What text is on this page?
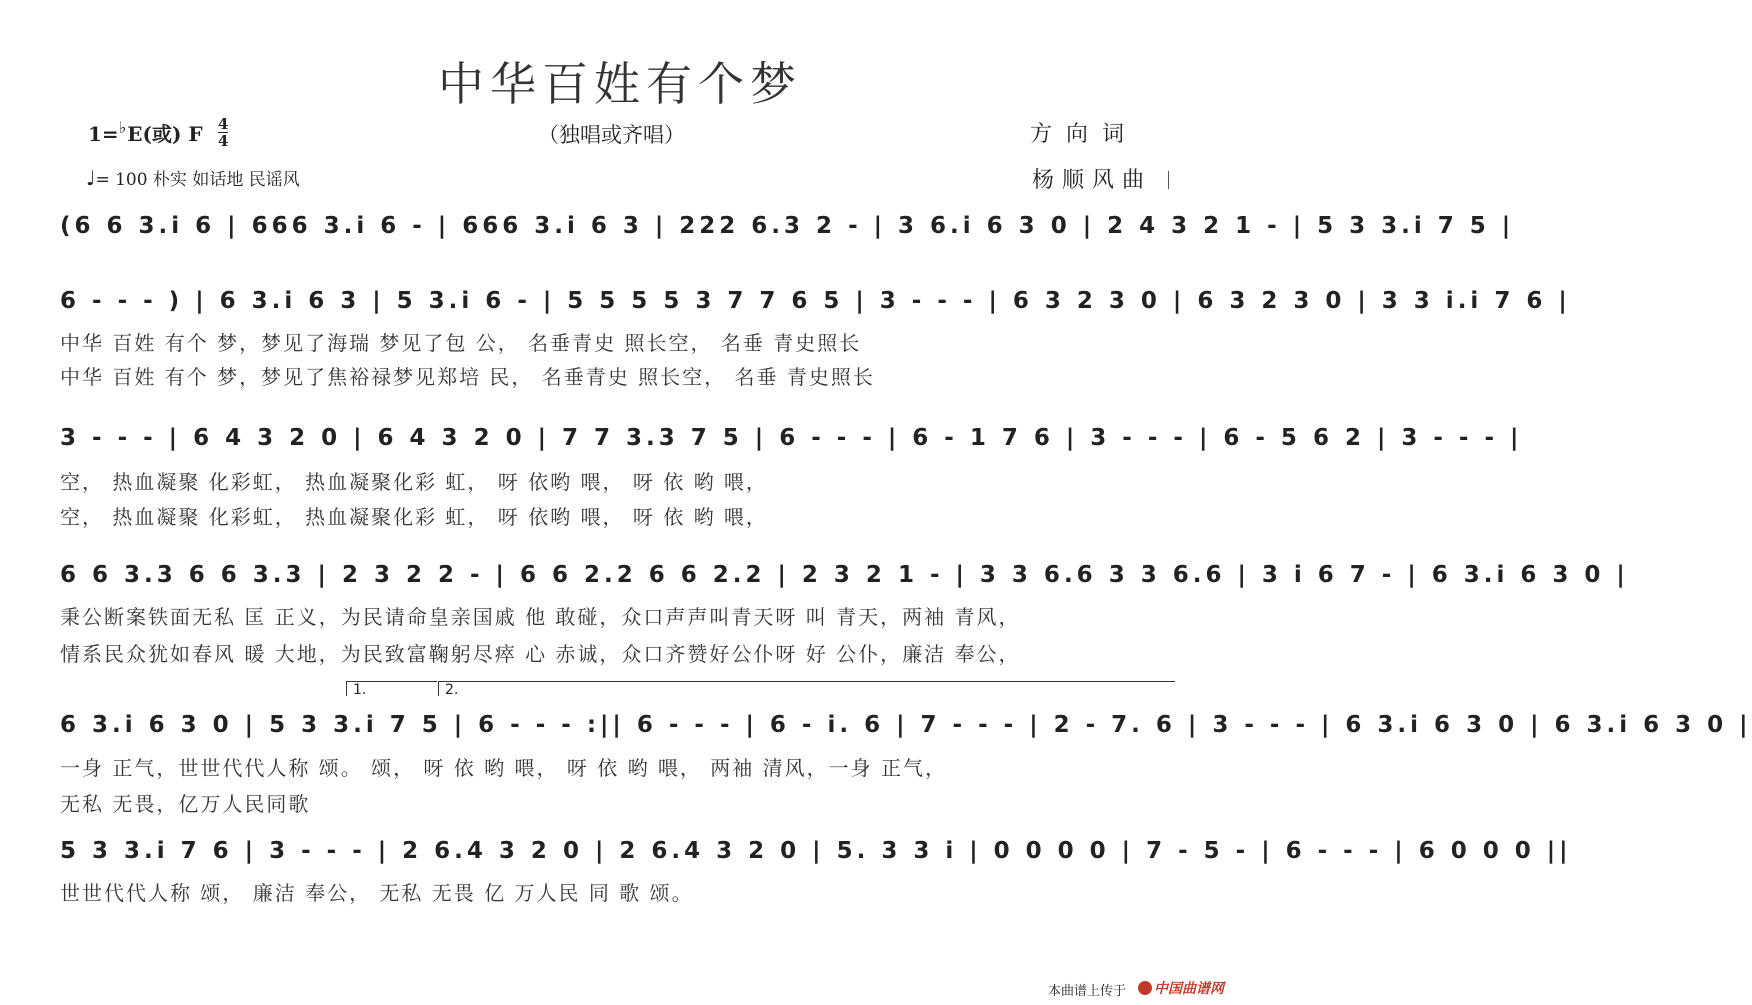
中华百姓有个梦
1=♭E(或) F 4
4	（独唱或齐唱）	方向词
♩= 100 朴实 如话地 民谣风	杨顺风曲
(6 6 3.i 6 | 666 3.i 6 - | 666 3.i 6 3 | 222 6.3 2 - | 3 6.i 6 3 0 | 2 4 3 2 1 - | 5 3 3.i 7 5 |
6 - - - ) | 6 3.i 6 3 | 5 3.i 6 - | 5 5 5 5 3 7 7 6 5 | 3 - - - | 6 3 2 3 0 | 6 3 2 3 0 | 3 3 i.i 7 6 |
中华 百姓 有个 梦，梦见了海瑞 梦见了包 公， 名垂青史 照长空， 名垂 青史照长
中华 百姓 有个 梦，梦见了焦裕禄梦见郑培 民， 名垂青史 照长空， 名垂 青史照长
3 - - - | 6 4 3 2 0 | 6 4 3 2 0 | 7 7 3.3 7 5 | 6 - - - | 6 - 1 7 6 | 3 - - - | 6 - 5 6 2 | 3 - - - |
空， 热血凝聚 化彩虹， 热血凝聚化彩 虹， 呀 依哟 喂， 呀 依 哟 喂，
空， 热血凝聚 化彩虹， 热血凝聚化彩 虹， 呀 依哟 喂， 呀 依 哟 喂，
6 6 3.3 6 6 3.3 | 2 3 2 2 - | 6 6 2.2 6 6 2.2 | 2 3 2 1 - | 3 3 6.6 3 3 6.6 | 3 i 6 7 - | 6 3.i 6 3 0 |
秉公断案铁面无私 匡 正义，为民请命皇亲国戚 他 敢碰，众口声声叫青天呀 叫 青天，两袖 青风，
情系民众犹如春风 暖 大地，为民致富鞠躬尽瘁 心 赤诚，众口齐赞好公仆呀 好 公仆，廉洁 奉公，
1.	2.
6 3.i 6 3 0 | 5 3 3.i 7 5 | 6 - - - :|| 6 - - - | 6 - i. 6 | 7 - - - | 2 - 7. 6 | 3 - - - | 6 3.i 6 3 0 | 6 3.i 6 3 0 |
一身 正气，世世代代人称 颂。 颂， 呀 依 哟 喂， 呀 依 哟 喂， 两袖 清风，一身 正气，
无私 无畏，亿万人民同歌
5 3 3.i 7 6 | 3 - - - | 2 6.4 3 2 0 | 2 6.4 3 2 0 | 5. 3 3 i | 0 0 0 0 | 7 - 5 - | 6 - - - | 6 0 0 0 ||
世世代代人称 颂， 廉洁 奉公， 无私 无畏 亿 万人民 同 歌 颂。
本曲谱上传于	中国曲谱网
